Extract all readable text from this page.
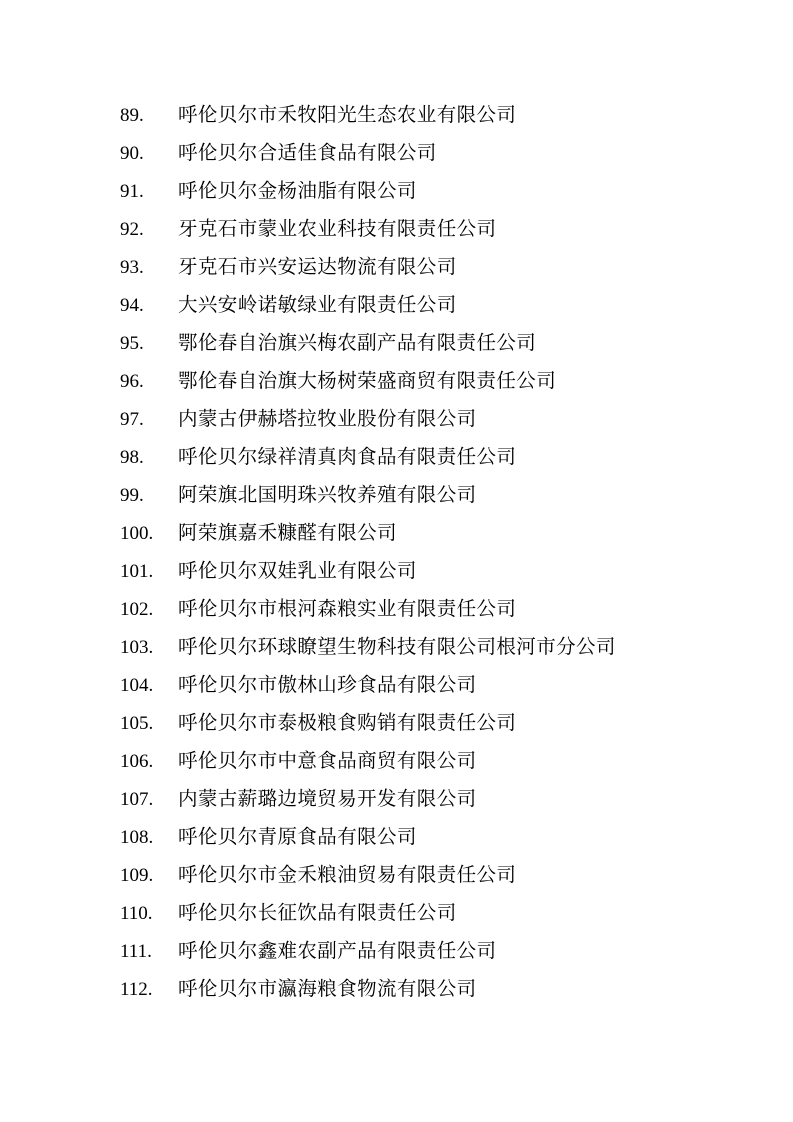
89.	呼伦贝尔市禾牧阳光生态农业有限公司
90.	呼伦贝尔合适佳食品有限公司
91.	呼伦贝尔金杨油脂有限公司
92.	牙克石市蒙业农业科技有限责任公司
93.	牙克石市兴安运达物流有限公司
94.	大兴安岭诺敏绿业有限责任公司
95.	鄂伦春自治旗兴梅农副产品有限责任公司
96.	鄂伦春自治旗大杨树荣盛商贸有限责任公司
97.	内蒙古伊赫塔拉牧业股份有限公司
98.	呼伦贝尔绿祥清真肉食品有限责任公司
99.	阿荣旗北国明珠兴牧养殖有限公司
100.	阿荣旗嘉禾糠醛有限公司
101.	呼伦贝尔双娃乳业有限公司
102.	呼伦贝尔市根河森粮实业有限责任公司
103.	呼伦贝尔环球瞭望生物科技有限公司根河市分公司
104.	呼伦贝尔市傲林山珍食品有限公司
105.	呼伦贝尔市泰极粮食购销有限责任公司
106.	呼伦贝尔市中意食品商贸有限公司
107.	内蒙古薪璐边境贸易开发有限公司
108.	呼伦贝尔青原食品有限公司
109.	呼伦贝尔市金禾粮油贸易有限责任公司
110.	呼伦贝尔长征饮品有限责任公司
111.	呼伦贝尔鑫难农副产品有限责任公司
112.	呼伦贝尔市瀛海粮食物流有限公司
